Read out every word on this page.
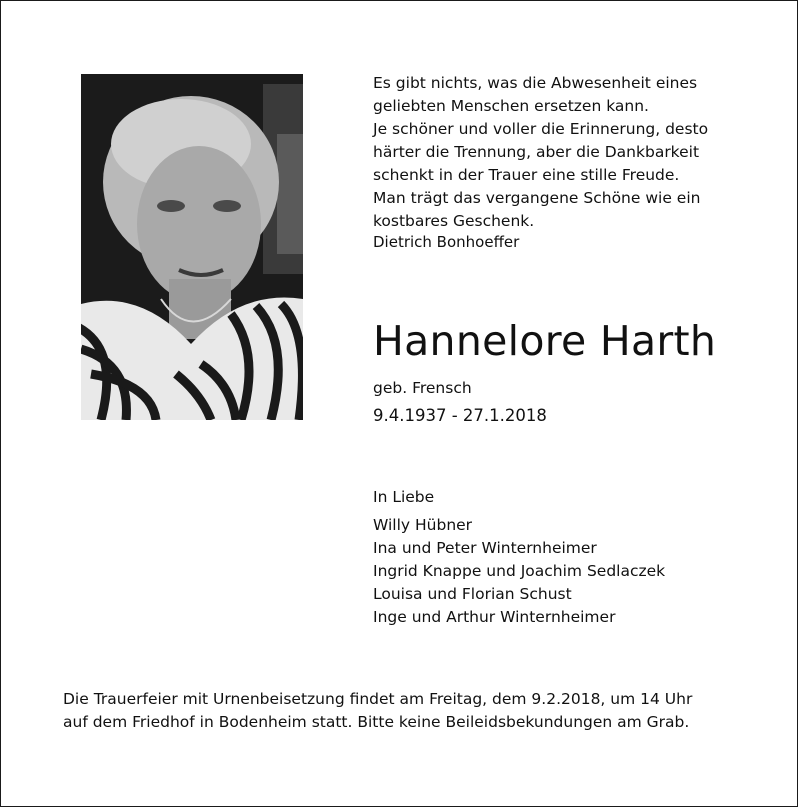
Es gibt nichts, was die Abwesenheit eines
geliebten Menschen ersetzen kann.
Je schöner und voller die Erinnerung, desto
härter die Trennung, aber die Dankbarkeit
schenkt in der Trauer eine stille Freude.
Man trägt das vergangene Schöne wie ein
kostbares Geschenk.
Dietrich Bonhoeffer
Hannelore Harth
geb. Frensch
9.4.1937 - 27.1.2018
In Liebe
Willy Hübner
Ina und Peter Winternheimer
Ingrid Knappe und Joachim Sedlaczek
Louisa und Florian Schust
Inge und Arthur Winternheimer
Die Trauerfeier mit Urnenbeisetzung findet am Freitag, dem 9.2.2018, um 14 Uhr
auf dem Friedhof in Bodenheim statt. Bitte keine Beileidsbekundungen am Grab.
